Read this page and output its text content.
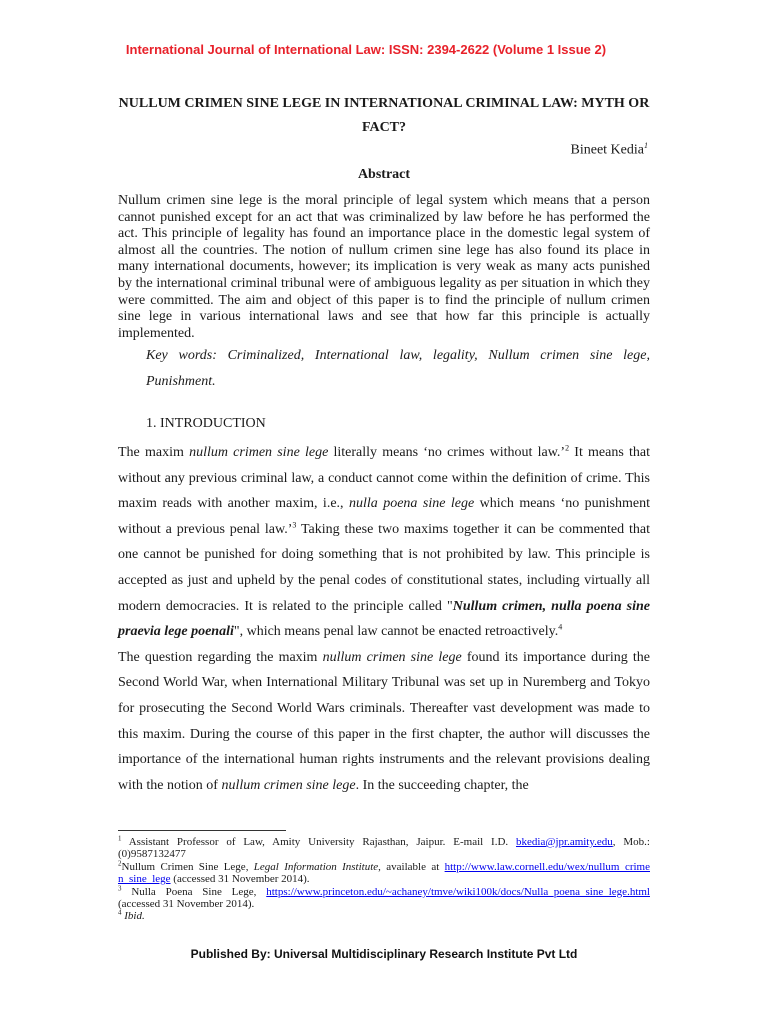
International Journal of International Law: ISSN: 2394-2622 (Volume 1 Issue 2)
NULLUM CRIMEN SINE LEGE IN INTERNATIONAL CRIMINAL LAW: MYTH OR FACT?
Bineet Kedia$^1$
Abstract

Nullum crimen sine lege is the moral principle of legal system which means that a person cannot punished except for an act that was criminalized by law before he has performed the act. This principle of legality has found an importance place in the domestic legal system of almost all the countries. The notion of nullum crimen sine lege has also found its place in many international documents, however; its implication is very weak as many acts punished by the international criminal tribunal were of ambiguous legality as per situation in which they were committed. The aim and object of this paper is to find the principle of nullum crimen sine lege in various international laws and see that how far this principle is actually implemented.

Key words: Criminalized, International law, legality, Nullum crimen sine lege, Punishment.

1. INTRODUCTION

The maxim nullum crimen sine lege literally means ‘no crimes without law.’$^2$ It means that without any previous criminal law, a conduct cannot come within the definition of crime. This maxim reads with another maxim, i.e., nulla poena sine lege which means ‘no punishment without a previous penal law.’$^3$ Taking these two maxims together it can be commented that one cannot be punished for doing something that is not prohibited by law. This principle is accepted as just and upheld by the penal codes of constitutional states, including virtually all modern democracies. It is related to the principle called "Nullum crimen, nulla poena sine praevia lege poenali", which means penal law cannot be enacted retroactively.$^4$

The question regarding the maxim nullum crimen sine lege found its importance during the Second World War, when International Military Tribunal was set up in Nuremberg and Tokyo for prosecuting the Second World Wars criminals. Thereafter vast development was made to this maxim. During the course of this paper in the first chapter, the author will discusses the importance of the international human rights instruments and the relevant provisions dealing with the notion of nullum crimen sine lege. In the succeeding chapter, the

$^1$ Assistant Professor of Law, Amity University Rajasthan, Jaipur. E-mail I.D. bkedia@jpr.amity.edu, Mob.: (0)9587132477

$^2$Nullum Crimen Sine Lege, Legal Information Institute, available at http://www.law.cornell.edu/wex/nullum_crime n_sine_lege (accessed 31 November 2014).

$^3$ Nulla Poena Sine Lege, https://www.princeton.edu/~achaney/tmve/wiki100k/docs/Nulla_poena_sine_lege.html (accessed 31 November 2014).

$^4$ Ibid.

Published By: Universal Multidisciplinary Research Institute Pvt Ltd
